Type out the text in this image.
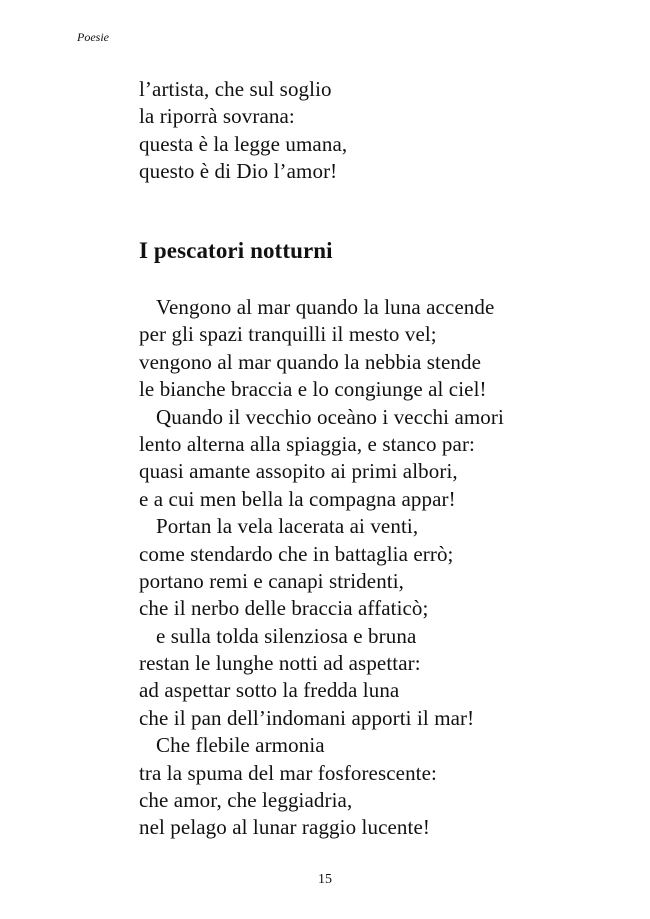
Poesie
l’artista, che sul soglio
la riporrà sovrana:
questa è la legge umana,
questo è di Dio l’amor!
I pescatori notturni
Vengono al mar quando la luna accende
per gli spazi tranquilli il mesto vel;
vengono al mar quando la nebbia stende
le bianche braccia e lo congiunge al ciel!
Quando il vecchio oceàno i vecchi amori
lento alterna alla spiaggia, e stanco par:
quasi amante assopito ai primi albori,
e a cui men bella la compagna appar!
Portan la vela lacerata ai venti,
come stendardo che in battaglia errò;
portano remi e canapi stridenti,
che il nerbo delle braccia affaticò;
e sulla tolda silenziosa e bruna
restan le lunghe notti ad aspettar:
ad aspettar sotto la fredda luna
che il pan dell’indomani apporti il mar!
Che flebile armonia
tra la spuma del mar fosforescente:
che amor, che leggiadria,
nel pelago al lunar raggio lucente!
15
